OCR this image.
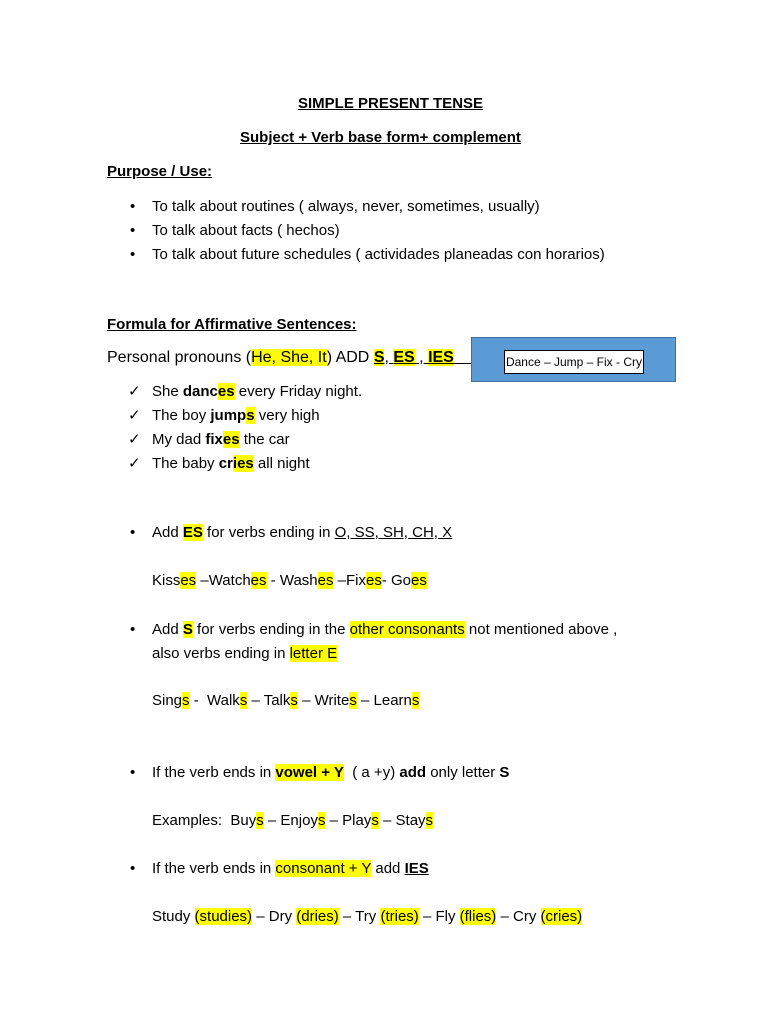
SIMPLE PRESENT TENSE
Subject + Verb base form+ complement
Purpose / Use:
• To talk about routines ( always, never, sometimes, usually)
• To talk about facts ( hechos)
• To talk about future schedules ( actividades planeadas con horarios)
Formula for Affirmative Sentences:
Personal pronouns (He, She, It) ADD S, ES , IES	Dance – Jump – Fix - Cry
✓ She dances every Friday night.
✓ The boy jumps very high
✓ My dad fixes the car
✓ The baby cries all night
• Add ES for verbs ending in O, SS, SH, CH, X
Kisses –Watches - Washes –Fixes- Goes
• Add S for verbs ending in the other consonants not mentioned above ,
also verbs ending in letter E
Sings -  Walks – Talks – Writes – Learns
• If the verb ends in vowel + Y  ( a +y) add only letter S
Examples:  Buys – Enjoys – Plays – Stays
• If the verb ends in consonant + Y add IES
Study (studies) – Dry (dries) – Try (tries) – Fly (flies) – Cry (cries)
